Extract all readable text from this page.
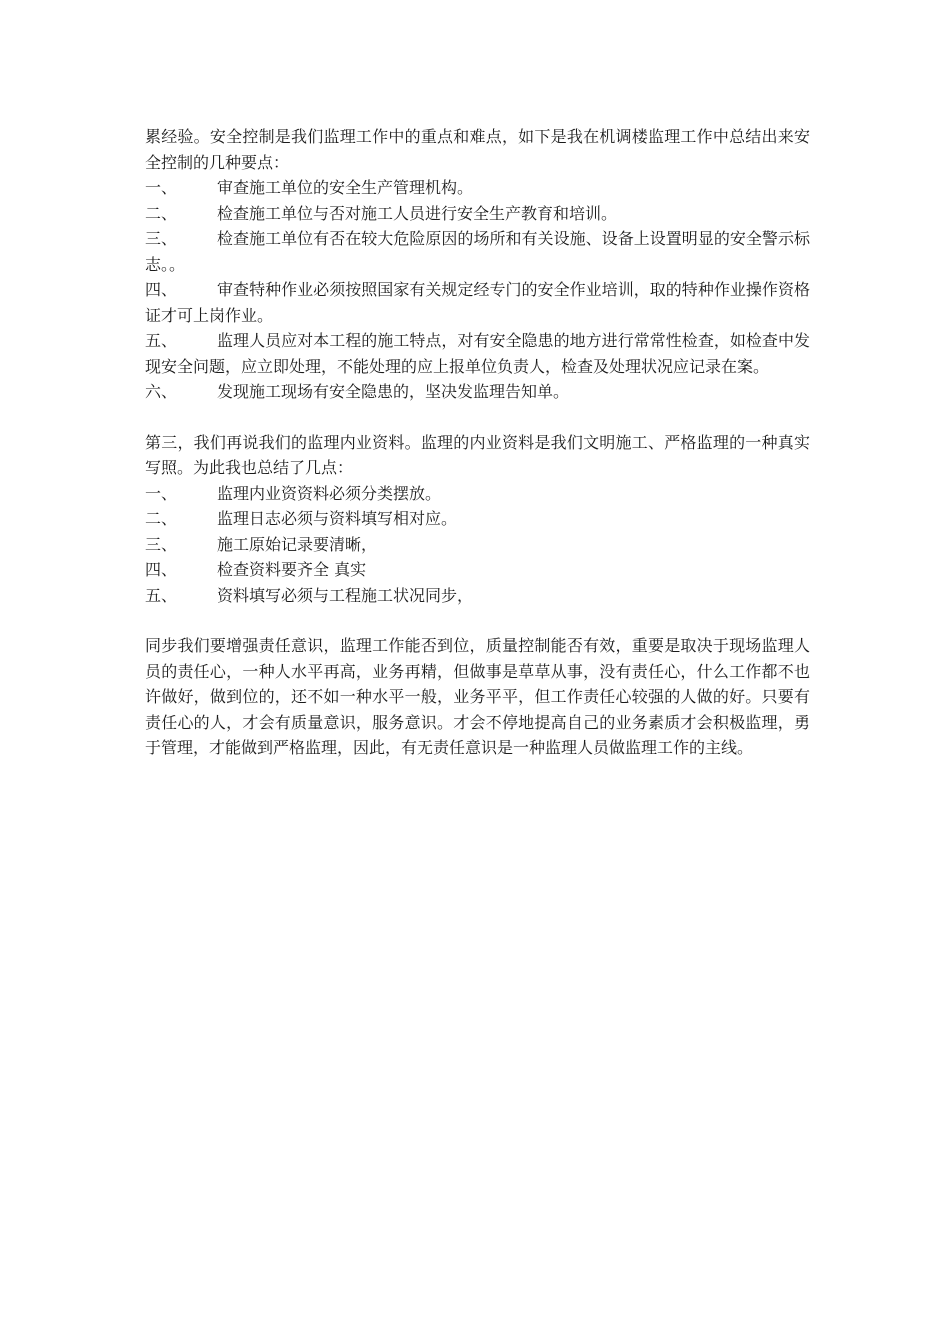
累经验。安全控制是我们监理工作中的重点和难点，如下是我在机调楼监理工作中总结出来安全控制的几种要点：

一、 审查施工单位的安全生产管理机构。
二、 检查施工单位与否对施工人员进行安全生产教育和培训。
三、 检查施工单位有否在较大危险原因的场所和有关设施、设备上设置明显的安全警示标志。。
四、 审查特种作业必须按照国家有关规定经专门的安全作业培训，取的特种作业操作资格证才可上岗作业。
五、 监理人员应对本工程的施工特点，对有安全隐患的地方进行常常性检查，如检查中发现安全问题，应立即处理，不能处理的应上报单位负责人，检查及处理状况应记录在案。
六、 发现施工现场有安全隐患的，坚决发监理告知单。

第三，我们再说我们的监理内业资料。监理的内业资料是我们文明施工、严格监理的一种真实写照。为此我也总结了几点：

一、 监理内业资资料必须分类摆放。
二、 监理日志必须与资料填写相对应。
三、 施工原始记录要清晰，
四、 检查资料要齐全 真实
五、 资料填写必须与工程施工状况同步，

同步我们要增强责任意识，监理工作能否到位，质量控制能否有效，重要是取决于现场监理人员的责任心，一种人水平再高，业务再精，但做事是草草从事，没有责任心，什么工作都不也许做好，做到位的，还不如一种水平一般，业务平平，但工作责任心较强的人做的好。只要有责任心的人，才会有质量意识，服务意识。才会不停地提高自己的业务素质才会积极监理，勇于管理，才能做到严格监理，因此，有无责任意识是一种监理人员做监理工作的主线。
